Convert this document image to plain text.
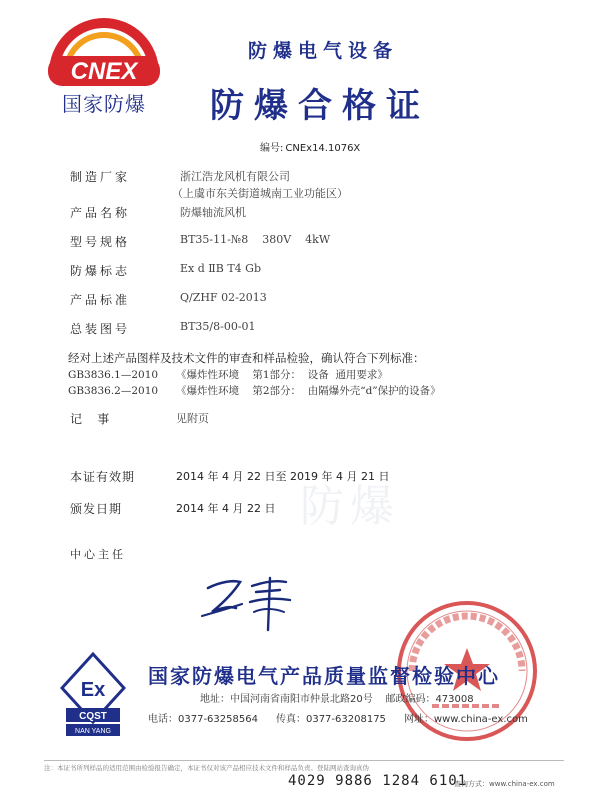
CNEX
国家防爆
防爆电气设备
防爆合格证
编号: CNEx14.1076X
制造厂家	浙江浩龙风机有限公司
（上虞市东关街道城南工业功能区）
产品名称	防爆轴流风机
型号规格	BT35-11-№8    380V    4kW
防爆标志	Ex d ⅡB T4 Gb
产品标准	Q/ZHF 02-2013
总装图号	BT35/8-00-01
经对上述产品图样及技术文件的审查和样品检验，确认符合下列标准：
GB3836.1—2010 《爆炸性环境    第1部分：  设备  通用要求》
GB3836.2—2010 《爆炸性环境    第2部分：  由隔爆外壳“d”保护的设备》
记    事	见附页
防爆
本证有效期	2014 年 4 月 22 日至 2019 年 4 月 21 日
颁发日期	2014 年 4 月 22 日
中心主任
Ex
CQST
NAN YANG
国家防爆电气产品质量监督检验中心
地址：中国河南省南阳市仲景北路20号    邮政编码：473008
电话：0377-63258564 传真：0377-63208175 网址：www.china-ex.com
注：本证书所列样品的适用范围由检验报告确定，本证书仅对该产品相应技术文件和样品负责。登陆网站查询真伪
4029 9886 1284 6101
查询方式：www.china-ex.com
